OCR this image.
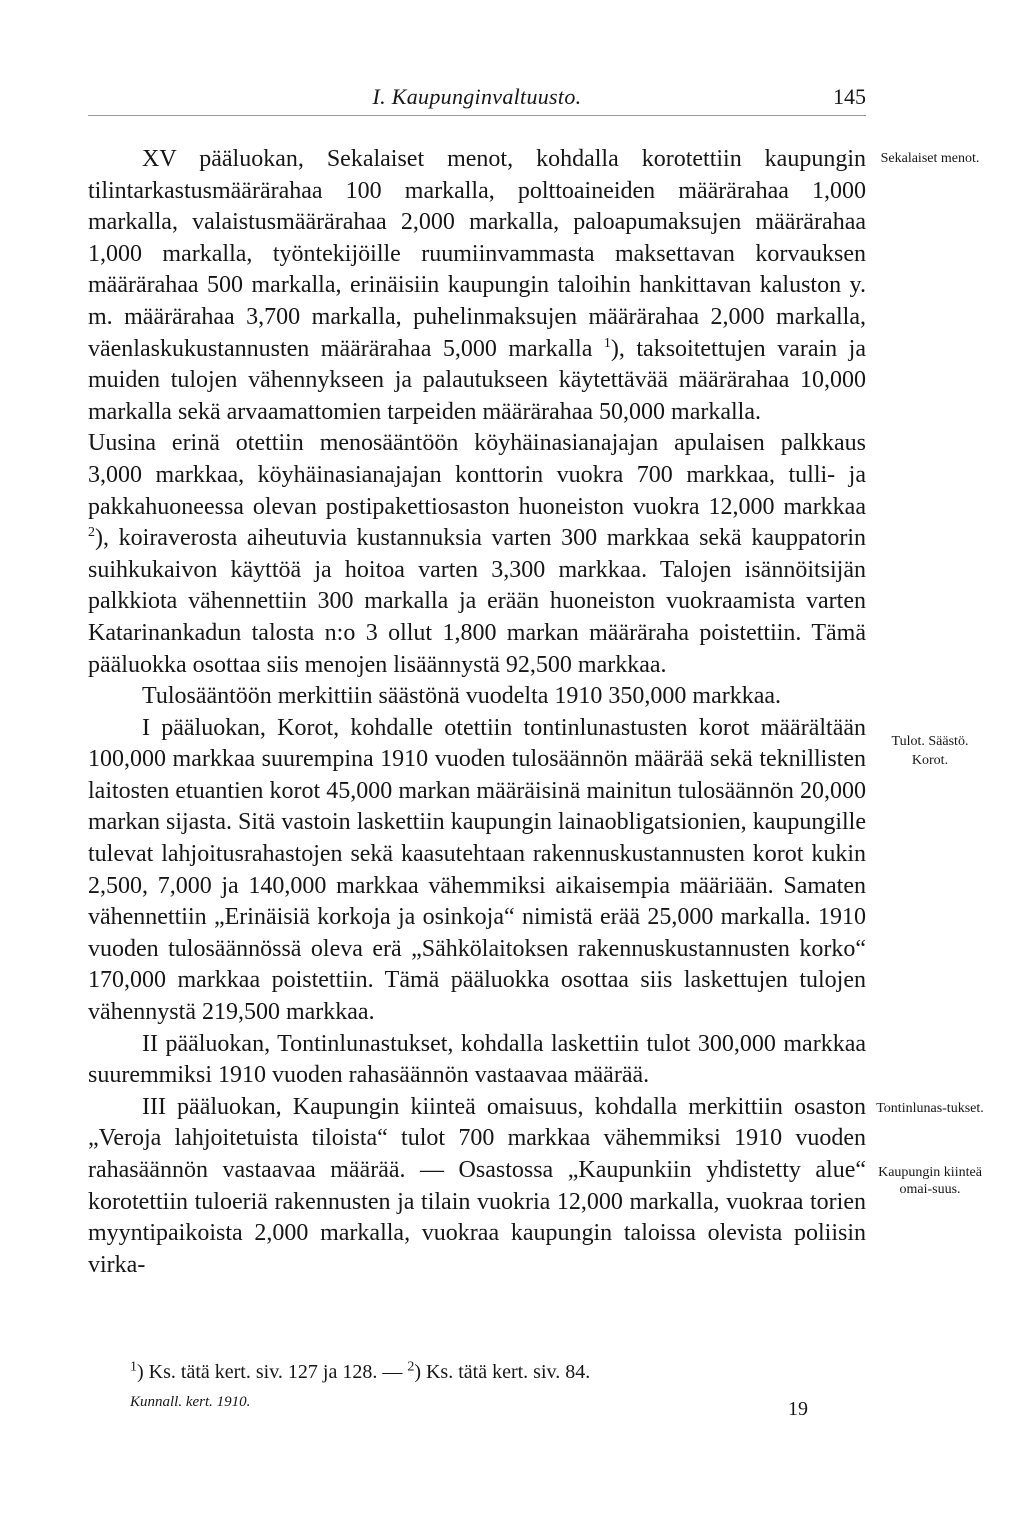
I. Kaupunginvaltuusto.	145

XV pääluokan, Sekalaiset menot, kohdalla korotettiin kaupungin tilintarkastusmäärärahaa 100 markalla, polttoaineiden määrärahaa 1,000 markalla, valaistusmäärärahaa 2,000 markalla, paloapumaksujen määrärahaa 1,000 markalla, työntekijöille ruumiinvammasta maksettavan korvauksen määrärahaa 500 markalla, erinäisiin kaupungin taloihin hankittavan kaluston y. m. määrärahaa 3,700 markalla, puhelinmaksujen määrärahaa 2,000 markalla, väenlaskukustannusten määrärahaa 5,000 markalla $^1$), taksoitettujen varain ja muiden tulojen vähennykseen ja palautukseen käytettävää määrärahaa 10,000 markalla sekä arvaamattomien tarpeiden määrärahaa 50,000 markalla.

Uusina erinä otettiin menosääntöön köyhäinasianajajan apulaisen palkkaus 3,000 markkaa, köyhäinasianajajan konttorin vuokra 700 markkaa, tulli- ja pakkahuoneessa olevan postipakettiosaston huoneiston vuokra 12,000 markkaa $^2$), koiraverosta aiheutuvia kustannuksia varten 300 markkaa sekä kauppatorin suihkukaivon käyttöä ja hoitoa varten 3,300 markkaa. Talojen isännöitsijän palkkiota vähennettiin 300 markalla ja erään huoneiston vuokraamista varten Katarinankadun talosta n:o 3 ollut 1,800 markan määräraha poistettiin. Tämä pääluokka osottaa siis menojen lisäännystä 92,500 markkaa.

Tulosääntöön merkittiin säästönä vuodelta 1910 350,000 markkaa.

I pääluokan, Korot, kohdalle otettiin tontinlunastusten korot määrältään 100,000 markkaa suurempina 1910 vuoden tulosäännön määrää sekä teknillisten laitosten etuantien korot 45,000 markan määräisinä mainitun tulosäännön 20,000 markan sijasta. Sitä vastoin laskettiin kaupungin lainaobligatsionien, kaupungille tulevat lahjoitusrahastojen sekä kaasutehtaan rakennuskustannusten korot kukin 2,500, 7,000 ja 140,000 markkaa vähemmiksi aikaisempia määriään. Samaten vähennettiin „Erinäisiä korkoja ja osinkoja“ nimistä erää 25,000 markalla. 1910 vuoden tulosäännössä oleva erä „Sähkölaitoksen rakennuskustannusten korko“ 170,000 markkaa poistettiin. Tämä pääluokka osottaa siis laskettujen tulojen vähennystä 219,500 markkaa.

II pääluokan, Tontinlunastukset, kohdalla laskettiin tulot 300,000 markkaa suuremmiksi 1910 vuoden rahasäännön vastaavaa määrää.

III pääluokan, Kaupungin kiinteä omaisuus, kohdalla merkittiin osaston „Veroja lahjoitetuista tiloista“ tulot 700 markkaa vähemmiksi 1910 vuoden rahasäännön vastaavaa määrää. — Osastossa „Kaupunkiin yhdistetty alue“ korotettiin tuloeriä rakennusten ja tilain vuokria 12,000 markalla, vuokraa torien myyntipaikoista 2,000 markalla, vuokraa kaupungin taloissa olevista poliisin virka-

Sekalaiset menot.
Tulot. Säästö.
Korot.
Tontinlunas-tukset.
Kaupungin kiinteä omai-suus.
$^1$) Ks. tätä kert. siv. 127 ja 128. — $^2$) Ks. tätä kert. siv. 84.
Kunnall. kert. 1910.	19
